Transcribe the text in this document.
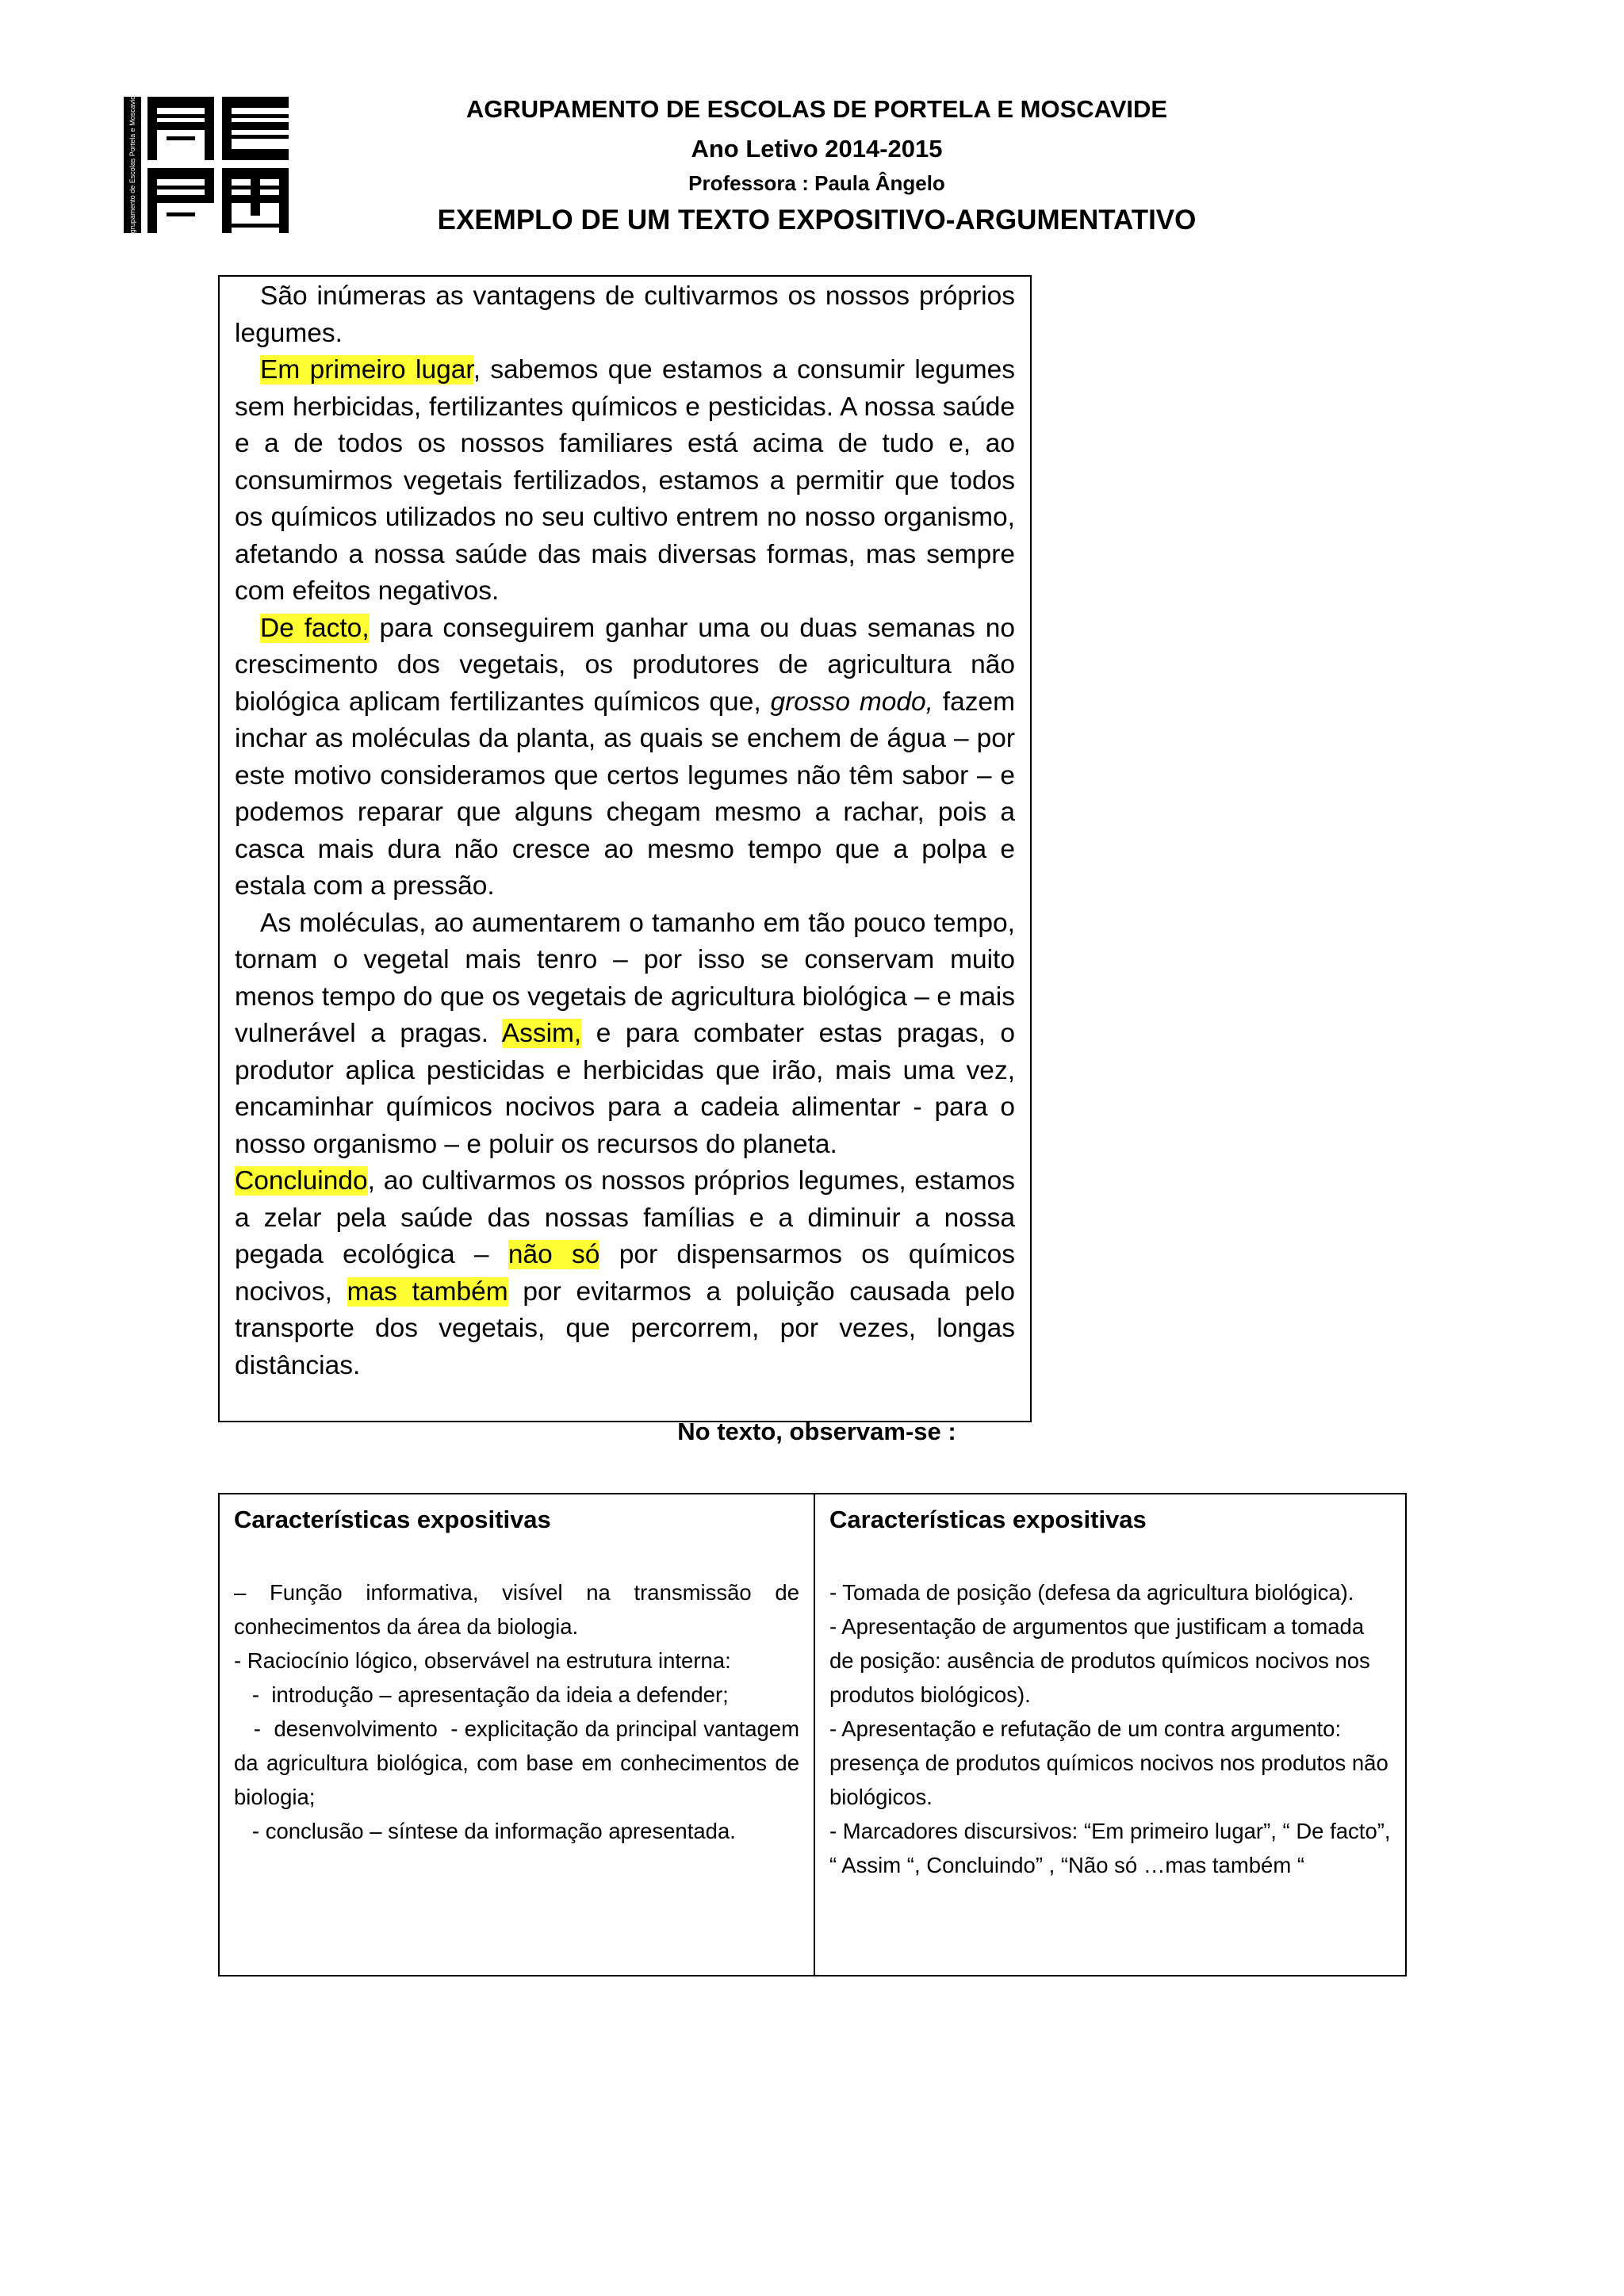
Agrupamento de Escolas Portela e Moscavide	AGRUPAMENTO DE ESCOLAS DE PORTELA E MOSCAVIDE
Ano Letivo 2014-2015
Professora : Paula Ângelo
EXEMPLO DE UM TEXTO EXPOSITIVO-ARGUMENTATIVO

São inúmeras as vantagens de cultivarmos os nossos próprios legumes.

Em primeiro lugar, sabemos que estamos a consumir legumes sem herbicidas, fertilizantes químicos e pesticidas. A nossa saúde e a de todos os nossos familiares está acima de tudo e, ao consumirmos vegetais fertilizados, estamos a permitir que todos os químicos utilizados no seu cultivo entrem no nosso organismo, afetando a nossa saúde das mais diversas formas, mas sempre com efeitos negativos.

De facto, para conseguirem ganhar uma ou duas semanas no crescimento dos vegetais, os produtores de agricultura não biológica aplicam fertilizantes químicos que, grosso modo, fazem inchar as moléculas da planta, as quais se enchem de água – por este motivo consideramos que certos legumes não têm sabor – e podemos reparar que alguns chegam mesmo a rachar, pois a casca mais dura não cresce ao mesmo tempo que a polpa e estala com a pressão.

As moléculas, ao aumentarem o tamanho em tão pouco tempo, tornam o vegetal mais tenro – por isso se conservam muito menos tempo do que os vegetais de agricultura biológica – e mais vulnerável a pragas. Assim, e para combater estas pragas, o produtor aplica pesticidas e herbicidas que irão, mais uma vez, encaminhar químicos nocivos para a cadeia alimentar - para o nosso organismo – e poluir os recursos do planeta.

Concluindo, ao cultivarmos os nossos próprios legumes, estamos a zelar pela saúde das nossas famílias e a diminuir a nossa pegada ecológica – não só por dispensarmos os químicos nocivos, mas também por evitarmos a poluição causada pelo transporte dos vegetais, que percorrem, por vezes, longas distâncias.

No texto, observam-se :
Características expositivas

– Função informativa, visível na transmissão de conhecimentos da área da biologia.

- Raciocínio lógico, observável na estrutura interna:

-  introdução – apresentação da ideia a defender;

-  desenvolvimento  - explicitação da principal vantagem da agricultura biológica, com base em conhecimentos de biologia;

- conclusão – síntese da informação apresentada.

Características expositivas

- Tomada de posição (defesa da agricultura biológica).

- Apresentação de argumentos que justificam a tomada de posição: ausência de produtos químicos nocivos nos produtos biológicos).

- Apresentação e refutação de um contra argumento: presença de produtos químicos nocivos nos produtos não biológicos.

- Marcadores discursivos: “Em primeiro lugar”, “ De facto”, “ Assim “, Concluindo” , “Não só …mas também “
